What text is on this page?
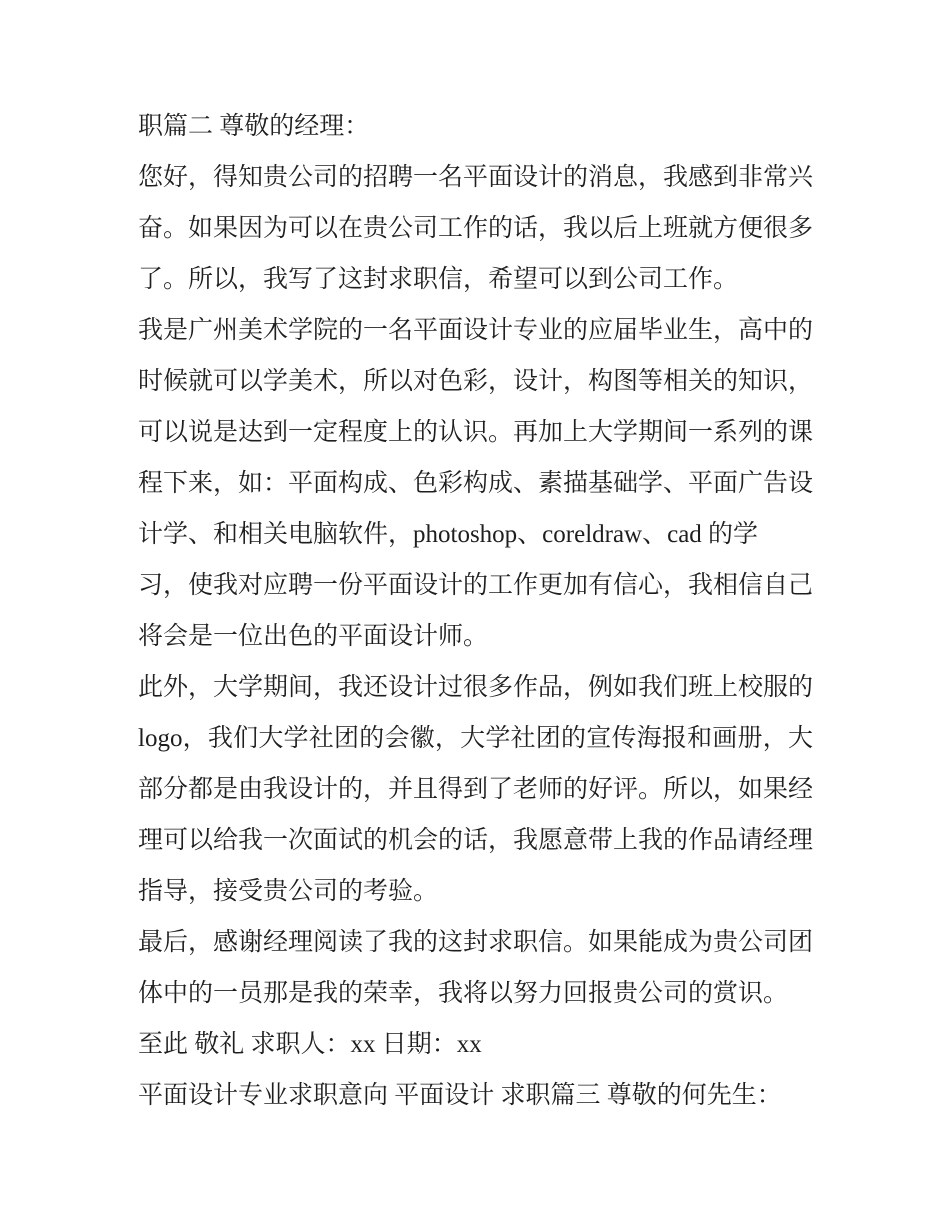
职篇二 尊敬的经理：
您好，得知贵公司的招聘一名平面设计的消息，我感到非常兴
奋。如果因为可以在贵公司工作的话，我以后上班就方便很多
了。所以，我写了这封求职信，希望可以到公司工作。
我是广州美术学院的一名平面设计专业的应届毕业生，高中的
时候就可以学美术，所以对色彩，设计，构图等相关的知识，
可以说是达到一定程度上的认识。再加上大学期间一系列的课
程下来，如：平面构成、色彩构成、素描基础学、平面广告设
计学、和相关电脑软件，photoshop、coreldraw、cad 的学
习，使我对应聘一份平面设计的工作更加有信心，我相信自己
将会是一位出色的平面设计师。
此外，大学期间，我还设计过很多作品，例如我们班上校服的
logo，我们大学社团的会徽，大学社团的宣传海报和画册，大
部分都是由我设计的，并且得到了老师的好评。所以，如果经
理可以给我一次面试的机会的话，我愿意带上我的作品请经理
指导，接受贵公司的考验。
最后，感谢经理阅读了我的这封求职信。如果能成为贵公司团
体中的一员那是我的荣幸，我将以努力回报贵公司的赏识。
至此 敬礼 求职人：xx 日期：xx
平面设计专业求职意向 平面设计 求职篇三 尊敬的何先生：
